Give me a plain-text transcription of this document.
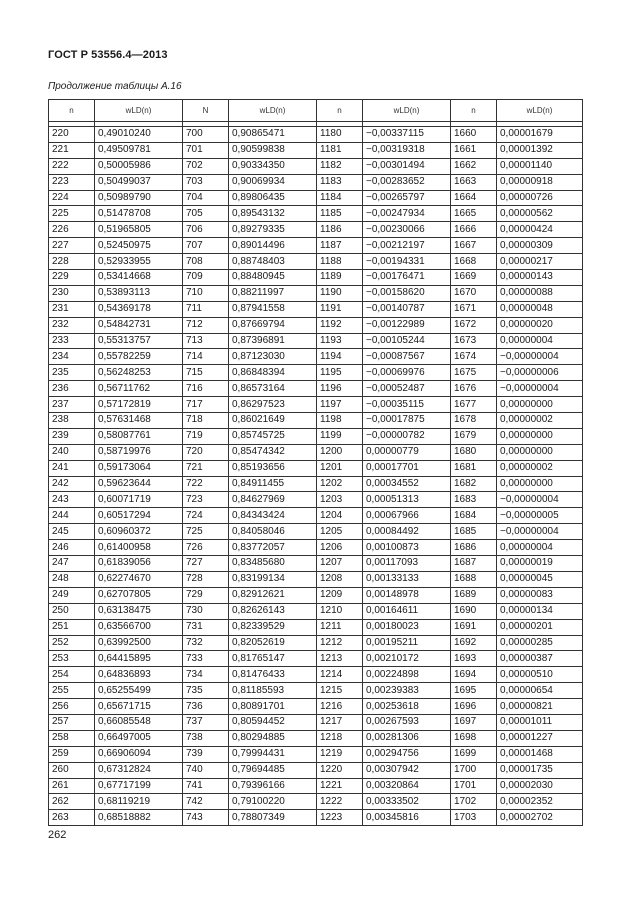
ГОСТ Р 53556.4—2013
Продолжение таблицы А.16
n	wLD(n)	N	wLD(n)	n	wLD(n)	n	wLD(n)

220	0,49010240	700	0,90865471	1180	−0,00337115	1660	0,00001679
221	0,49509781	701	0,90599838	1181	−0,00319318	1661	0,00001392
222	0,50005986	702	0,90334350	1182	−0,00301494	1662	0,00001140
223	0,50499037	703	0,90069934	1183	−0,00283652	1663	0,00000918
224	0,50989790	704	0,89806435	1184	−0,00265797	1664	0,00000726
225	0,51478708	705	0,89543132	1185	−0,00247934	1665	0,00000562
226	0,51965805	706	0,89279335	1186	−0,00230066	1666	0,00000424
227	0,52450975	707	0,89014496	1187	−0,00212197	1667	0,00000309
228	0,52933955	708	0,88748403	1188	−0,00194331	1668	0,00000217
229	0,53414668	709	0,88480945	1189	−0,00176471	1669	0,00000143
230	0,53893113	710	0,88211997	1190	−0,00158620	1670	0,00000088
231	0,54369178	711	0,87941558	1191	−0,00140787	1671	0,00000048
232	0,54842731	712	0,87669794	1192	−0,00122989	1672	0,00000020
233	0,55313757	713	0,87396891	1193	−0,00105244	1673	0,00000004
234	0,55782259	714	0,87123030	1194	−0,00087567	1674	−0,00000004
235	0,56248253	715	0,86848394	1195	−0,00069976	1675	−0,00000006
236	0,56711762	716	0,86573164	1196	−0,00052487	1676	−0,00000004
237	0,57172819	717	0,86297523	1197	−0,00035115	1677	0,00000000
238	0,57631468	718	0,86021649	1198	−0,00017875	1678	0,00000002
239	0,58087761	719	0,85745725	1199	−0,00000782	1679	0,00000000
240	0,58719976	720	0,85474342	1200	0,00000779	1680	0,00000000
241	0,59173064	721	0,85193656	1201	0,00017701	1681	0,00000002
242	0,59623644	722	0,84911455	1202	0,00034552	1682	0,00000000
243	0,60071719	723	0,84627969	1203	0,00051313	1683	−0,00000004
244	0,60517294	724	0,84343424	1204	0,00067966	1684	−0,00000005
245	0,60960372	725	0,84058046	1205	0,00084492	1685	−0,00000004
246	0,61400958	726	0,83772057	1206	0,00100873	1686	0,00000004
247	0,61839056	727	0,83485680	1207	0,00117093	1687	0,00000019
248	0,62274670	728	0,83199134	1208	0,00133133	1688	0,00000045
249	0,62707805	729	0,82912621	1209	0,00148978	1689	0,00000083
250	0,63138475	730	0,82626143	1210	0,00164611	1690	0,00000134
251	0,63566700	731	0,82339529	1211	0,00180023	1691	0,00000201
252	0,63992500	732	0,82052619	1212	0,00195211	1692	0,00000285
253	0,64415895	733	0,81765147	1213	0,00210172	1693	0,00000387
254	0,64836893	734	0,81476433	1214	0,00224898	1694	0,00000510
255	0,65255499	735	0,81185593	1215	0,00239383	1695	0,00000654
256	0,65671715	736	0,80891701	1216	0,00253618	1696	0,00000821
257	0,66085548	737	0,80594452	1217	0,00267593	1697	0,00001011
258	0,66497005	738	0,80294885	1218	0,00281306	1698	0,00001227
259	0,66906094	739	0,79994431	1219	0,00294756	1699	0,00001468
260	0,67312824	740	0,79694485	1220	0,00307942	1700	0,00001735
261	0,67717199	741	0,79396166	1221	0,00320864	1701	0,00002030
262	0,68119219	742	0,79100220	1222	0,00333502	1702	0,00002352
263	0,68518882	743	0,78807349	1223	0,00345816	1703	0,00002702
262
